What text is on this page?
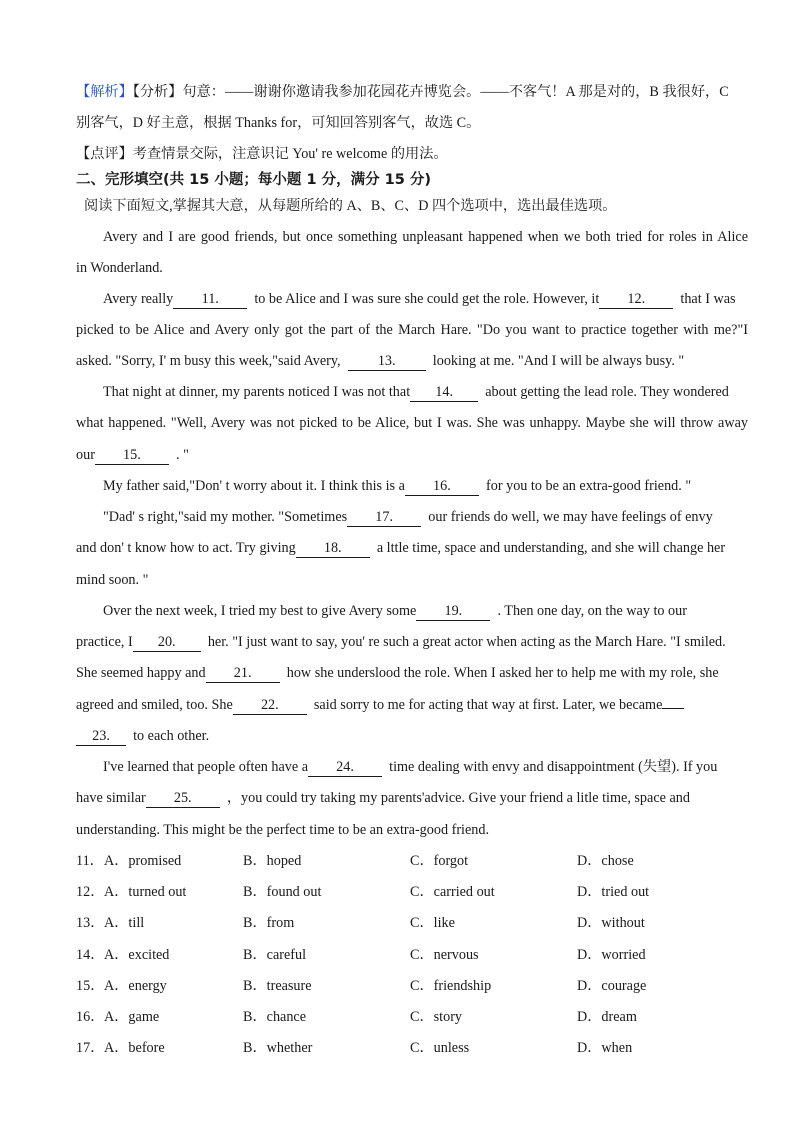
【解析】【分析】句意：——谢谢你邀请我参加花园花卉博览会。——不客气！A 那是对的，B 我很好，C
别客气，D 好主意，根据 Thanks for，可知回答别客气，故选 C。
【点评】考查情景交际，注意识记 You' re welcome 的用法。
二、完形填空(共 15 小题；每小题 1 分，满分 15 分)
阅读下面短文,掌握其大意，从每题所给的 A、B、C、D 四个选项中，选出最佳选项。
Avery and I are good friends, but once something unpleasant happened when we both tried for roles in Alice
in Wonderland.
Avery really 11. to be Alice and I was sure she could get the role. However, it 12. that I was
picked to be Alice and Avery only got the part of the March Hare. "Do you want to practice together with me?"I
asked. "Sorry, I' m busy this week,"said Avery,	13.	looking at me. "And I will be always busy. "
That night at dinner, my parents noticed I was not that 14. about getting the lead role. They wondered
what happened. "Well, Avery was not picked to be Alice, but I was. She was unhappy. Maybe she will throw away
our 15. . "
My father said,"Don' t worry about it. I think this is a 16. for you to be an extra-good friend. "
"Dad' s right,"said my mother. "Sometimes 17. our friends do well, we may have feelings of envy
and don' t know how to act. Try giving 18. a lttle time, space and understanding, and she will change her
mind soon. "
Over the next week, I tried my best to give Avery some 19. . Then one day, on the way to our
practice, I 20. her. "I just want to say, you' re such a great actor when acting as the March Hare. "I smiled.
She seemed happy and 21. how she underslood the role. When I asked her to help me with my role, she
agreed and smiled, too. She 22. said sorry to me for acting that way at first. Later, we became
23. to each other.
I've learned that people often have a 24. time dealing with envy and disappointment (失望). If you
have similar 25. ，you could try taking my parents'advice. Give your friend a litle time, space and
understanding. This might be the perfect time to be an extra-good friend.
11． A．promised	B．hoped	C．forgot	D．chose
12． A．turned out	B．found out	C．carried out	D．tried out
13． A．till	B．from	C．like	D．without
14． A．excited	B．careful	C．nervous	D．worried
15． A．energy	B．treasure	C．friendship	D．courage
16． A．game	B．chance	C．story	D．dream
17． A．before	B．whether	C．unless	D．when
